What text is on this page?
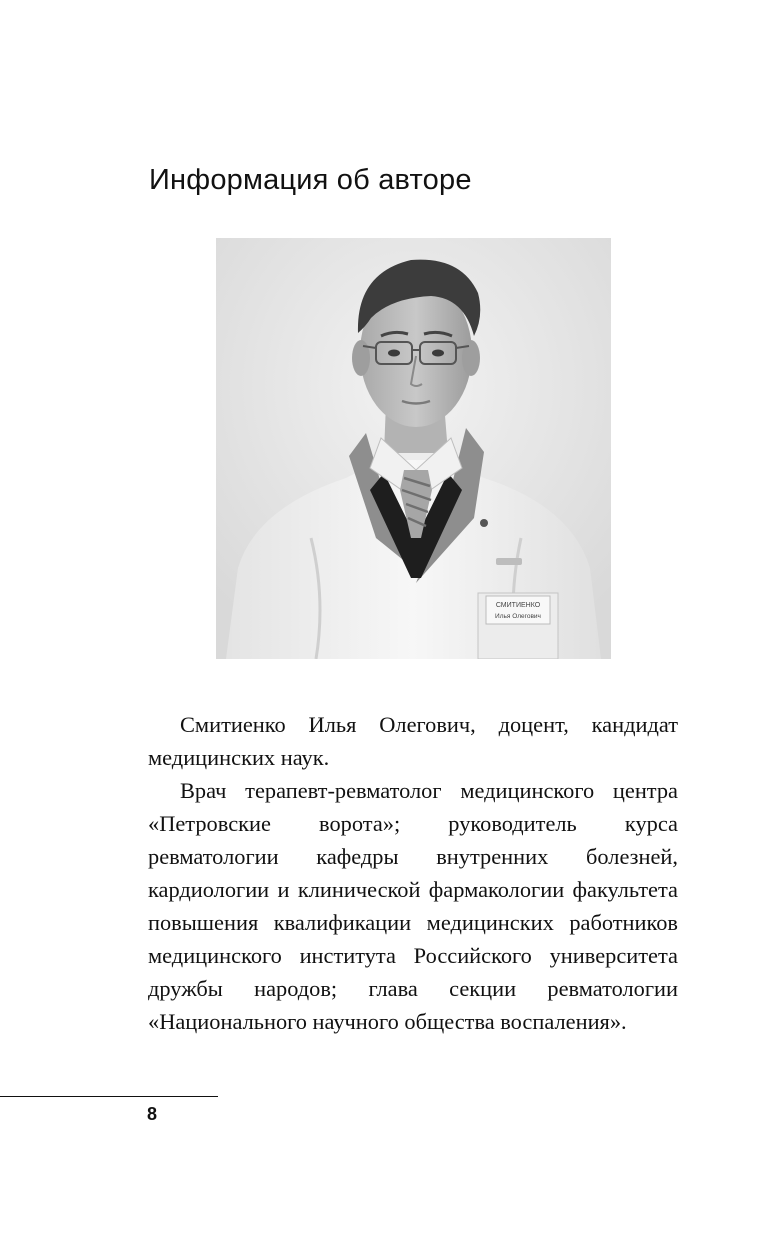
Информация об авторе
СМИТИЕНКО
Илья Олегович

Смитиенко Илья Олегович, доцент, кандидат медицинских наук.

Врач терапевт-ревматолог медицинского центра «Петровские ворота»; руководитель курса ревматологии кафедры внутренних болезней, кардиологии и клинической фармакологии факультета повышения квалификации медицинских работников медицинского института Российского университета дружбы народов; глава секции ревматологии «Национального научного общества воспаления».

8
